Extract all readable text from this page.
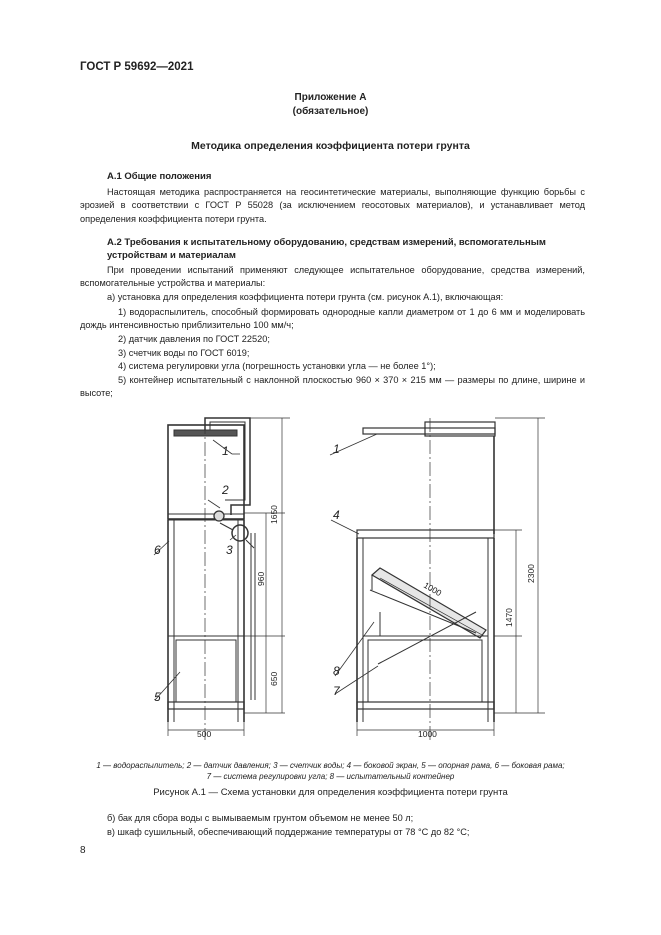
ГОСТ Р 59692—2021
Приложение А
(обязательное)
Методика определения коэффициента потери грунта
А.1 Общие положения
Настоящая методика распространяется на геосинтетические материалы, выполняющие функцию борьбы с эрозией в соответствии с ГОСТ Р 55028 (за исключением геосотовых материалов), и устанавливает метод определения коэффициента потери грунта.
А.2 Требования к испытательному оборудованию, средствам измерений, вспомогательным
устройствам и материалам
При проведении испытаний применяют следующее испытательное оборудование, средства измерений, вспомогательные устройства и материалы:
а) установка для определения коэффициента потери грунта (см. рисунок А.1), включающая:
1) водораспылитель, способный формировать однородные капли диаметром от 1 до 6 мм и моделировать дождь интенсивностью приблизительно 100 мм/ч;
2) датчик давления по ГОСТ 22520;
3) счетчик воды по ГОСТ 6019;
4) система регулировки угла (погрешность установки угла — не более 1°);
5) контейнер испытательный с наклонной плоскостью 960 × 370 × 215 мм — размеры по длине, ширине и высоте;
1
2
3
6
5
1
4
8
7
1650
960
650
500
1000
2300
1470
1000
1 — водораспылитель; 2 — датчик давления; 3 — счетчик воды; 4 — боковой экран, 5 — опорная рама, 6 — боковая рама;
7 — система регулировки угла; 8 — испытательный контейнер
Рисунок А.1 — Схема установки для определения коэффициента потери грунта
б) бак для сбора воды с вымываемым грунтом объемом не менее 50 л;
в) шкаф сушильный, обеспечивающий поддержание температуры от 78 °С до 82 °С;
8
